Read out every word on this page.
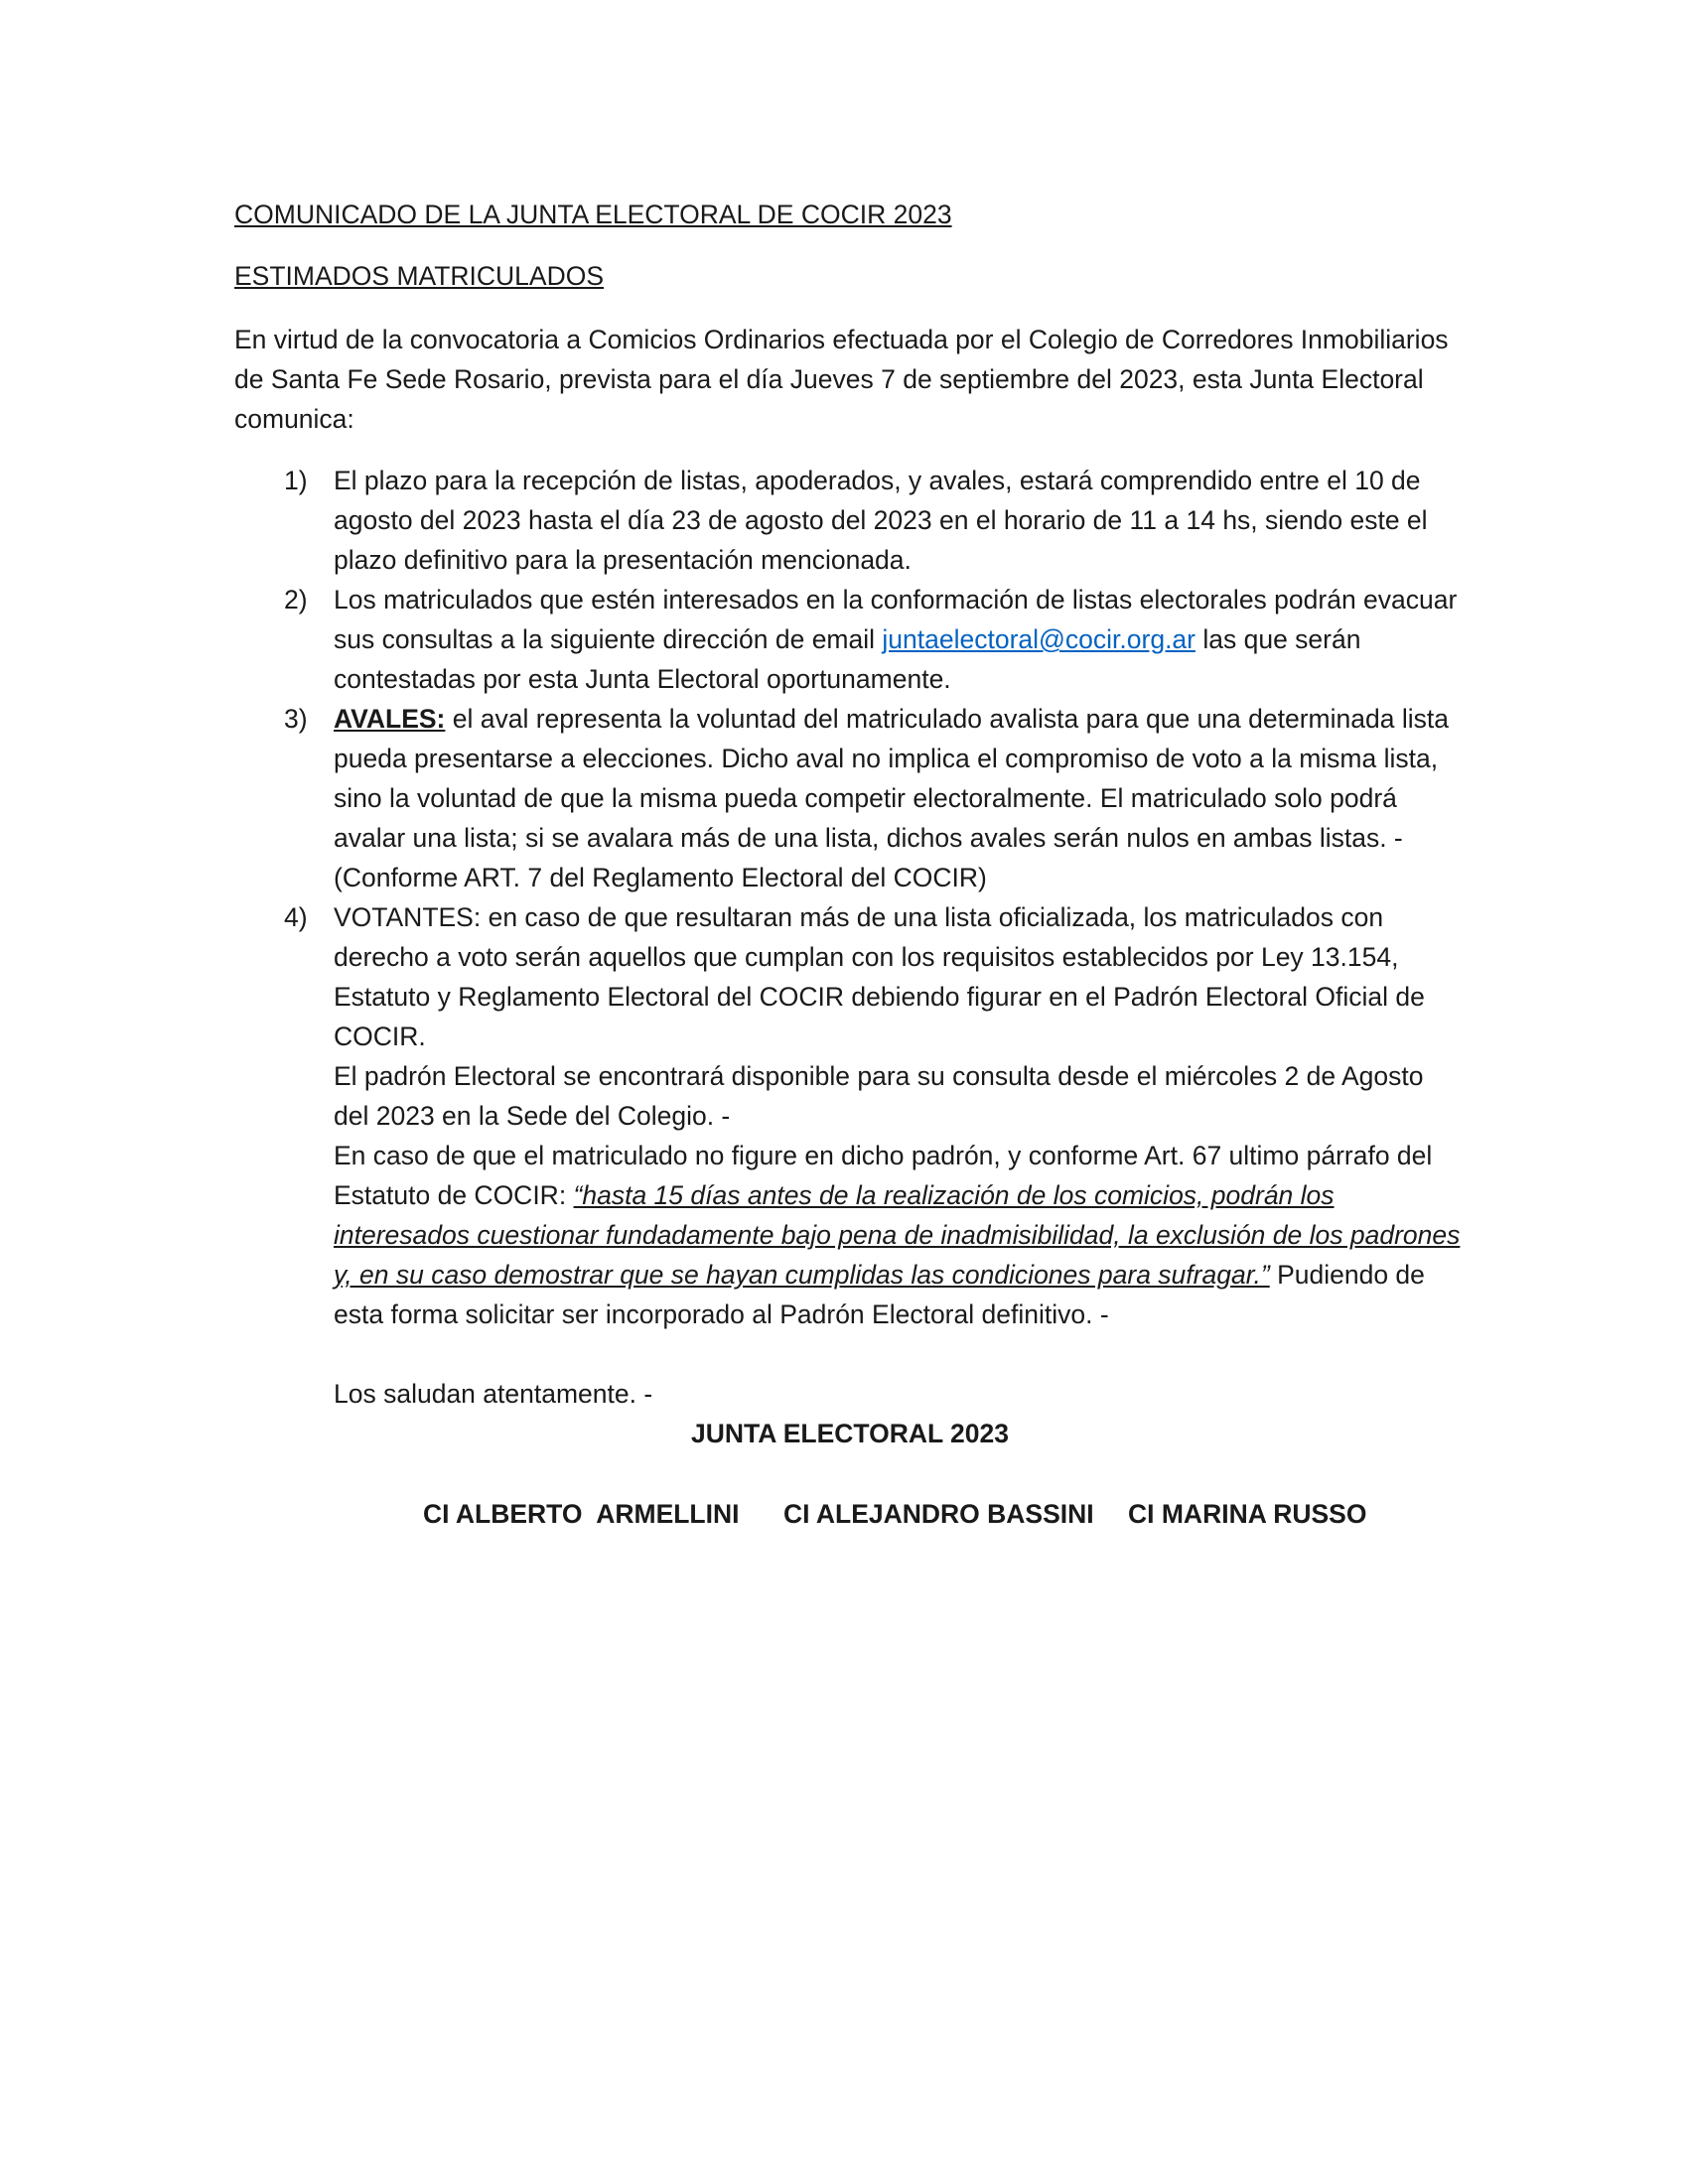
COMUNICADO DE LA JUNTA ELECTORAL DE COCIR 2023

ESTIMADOS MATRICULADOS

En virtud de la convocatoria a Comicios Ordinarios efectuada por el Colegio de Corredores Inmobiliarios de Santa Fe Sede Rosario, prevista para el día Jueves 7 de septiembre del 2023, esta Junta Electoral comunica:

1) El plazo para la recepción de listas, apoderados, y avales, estará comprendido entre el 10 de agosto del 2023 hasta el día 23 de agosto del 2023 en el horario de 11 a 14 hs, siendo este el plazo definitivo para la presentación mencionada.
2) Los matriculados que estén interesados en la conformación de listas electorales podrán evacuar sus consultas a la siguiente dirección de email juntaelectoral@cocir.org.ar las que serán contestadas por esta Junta Electoral oportunamente.
3) AVALES: el aval representa la voluntad del matriculado avalista para que una determinada lista pueda presentarse a elecciones. Dicho aval no implica el compromiso de voto a la misma lista, sino la voluntad de que la misma pueda competir electoralmente. El matriculado solo podrá avalar una lista; si se avalara más de una lista, dichos avales serán nulos en ambas listas. - (Conforme ART. 7 del Reglamento Electoral del COCIR)
4) VOTANTES: en caso de que resultaran más de una lista oficializada, los matriculados con derecho a voto serán aquellos que cumplan con los requisitos establecidos por Ley 13.154, Estatuto y Reglamento Electoral del COCIR debiendo figurar en el Padrón Electoral Oficial de COCIR.
El padrón Electoral se encontrará disponible para su consulta desde el miércoles 2 de Agosto del 2023 en la Sede del Colegio. -
En caso de que el matriculado no figure en dicho padrón, y conforme Art. 67 ultimo párrafo del Estatuto de COCIR: “hasta 15 días antes de la realización de los comicios, podrán los interesados cuestionar fundadamente bajo pena de inadmisibilidad, la exclusión de los padrones y, en su caso demostrar que se hayan cumplidas las condiciones para sufragar.” Pudiendo de esta forma solicitar ser incorporado al Padrón Electoral definitivo. -
Los saludan atentamente. -
JUNTA ELECTORAL 2023
CI ALBERTO  ARMELLINI CI ALEJANDRO BASSINI CI MARINA RUSSO
